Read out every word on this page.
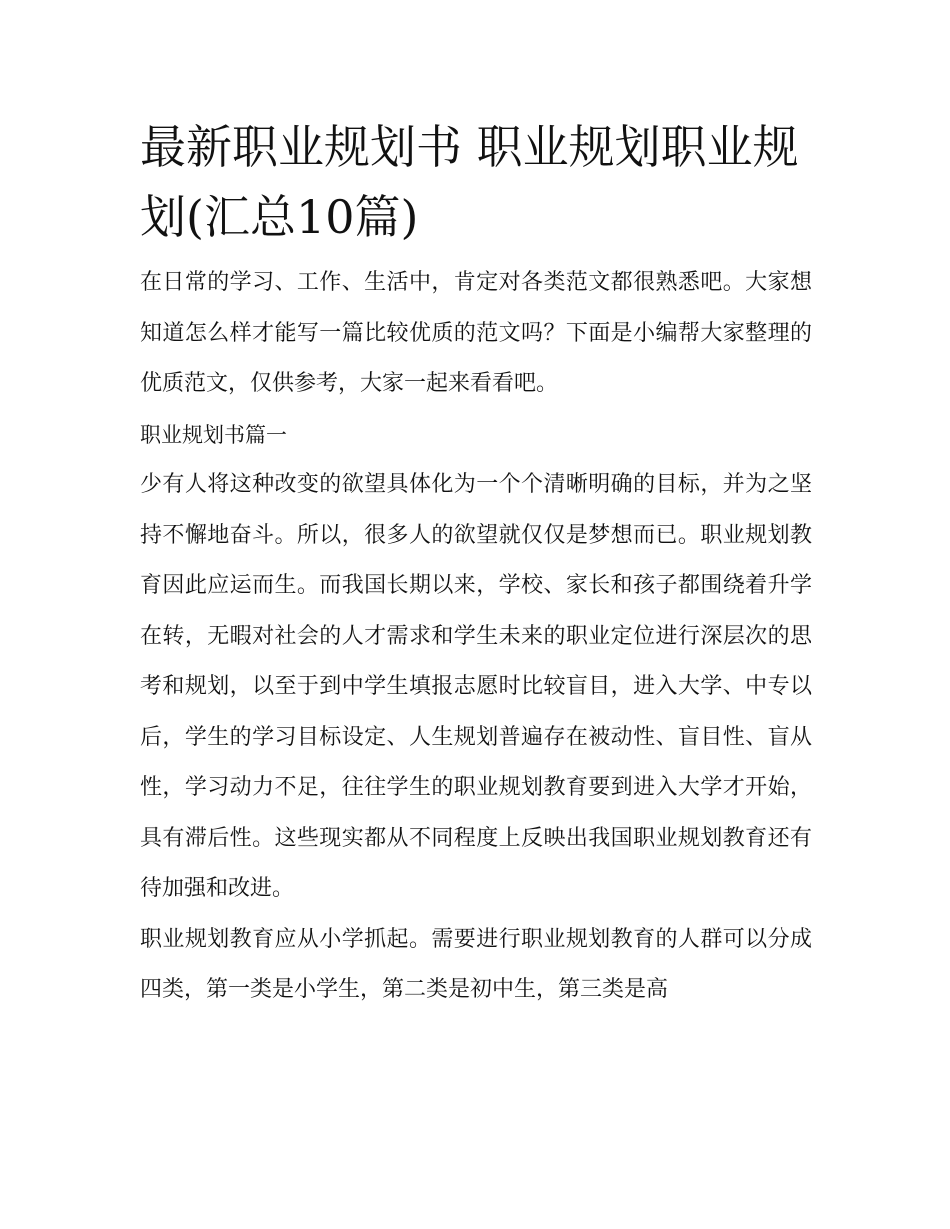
最新职业规划书 职业规划职业规划(汇总10篇)

在日常的学习、工作、生活中，肯定对各类范文都很熟悉吧。大家想知道怎么样才能写一篇比较优质的范文吗？下面是小编帮大家整理的优质范文，仅供参考，大家一起来看看吧。

职业规划书篇一

少有人将这种改变的欲望具体化为一个个清晰明确的目标，并为之坚持不懈地奋斗。所以，很多人的欲望就仅仅是梦想而已。职业规划教育因此应运而生。而我国长期以来，学校、家长和孩子都围绕着升学在转，无暇对社会的人才需求和学生未来的职业定位进行深层次的思考和规划，以至于到中学生填报志愿时比较盲目，进入大学、中专以后，学生的学习目标设定、人生规划普遍存在被动性、盲目性、盲从性，学习动力不足，往往学生的职业规划教育要到进入大学才开始，具有滞后性。这些现实都从不同程度上反映出我国职业规划教育还有待加强和改进。

职业规划教育应从小学抓起。需要进行职业规划教育的人群可以分成四类，第一类是小学生，第二类是初中生，第三类是高
